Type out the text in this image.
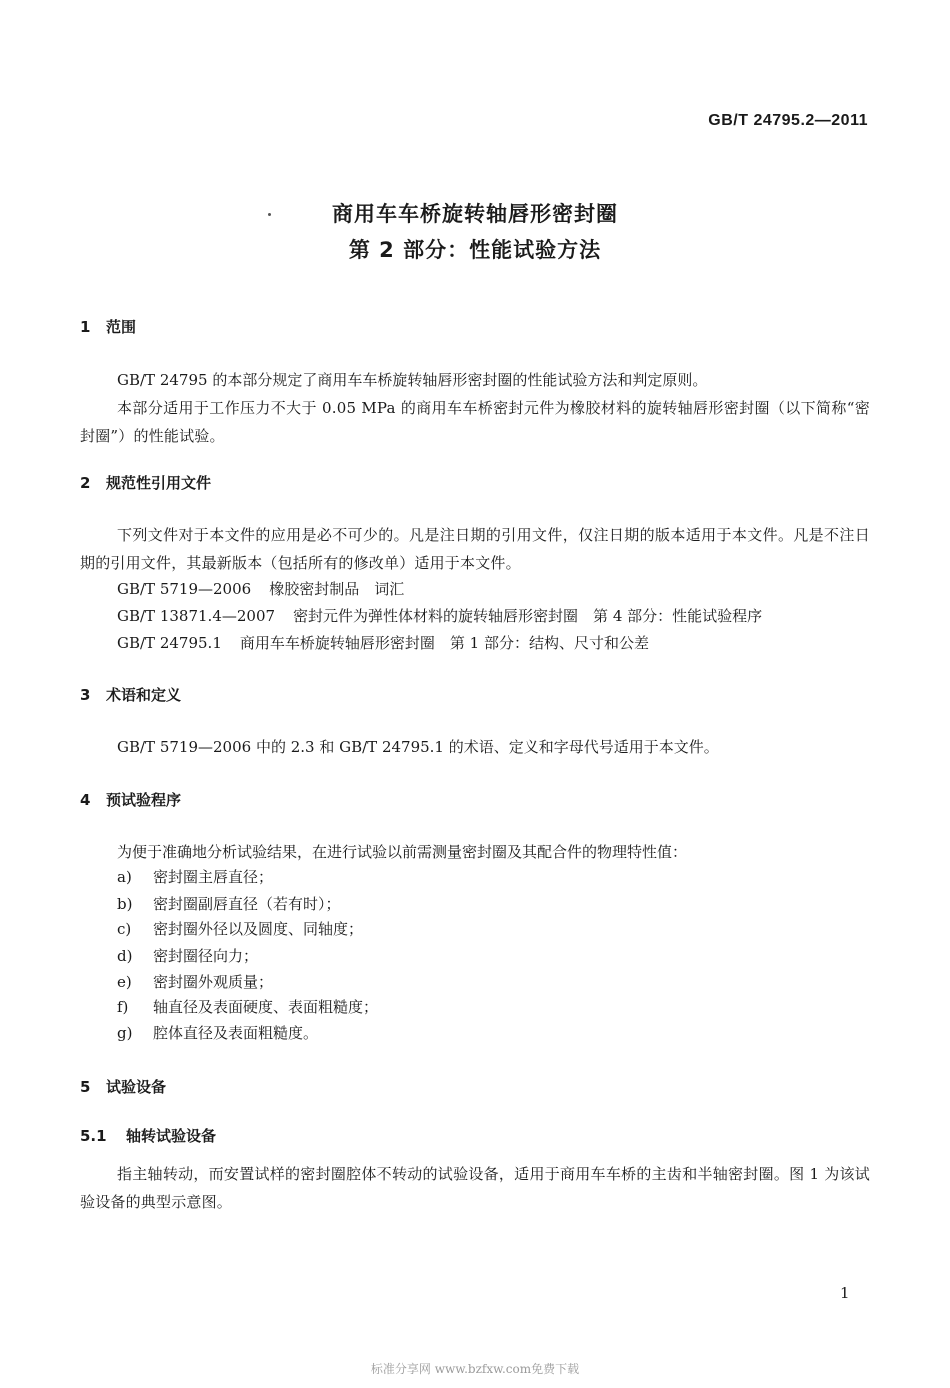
GB/T 24795.2—2011
商用车车桥旋转轴唇形密封圈
第 2 部分：性能试验方法
1 范围
GB/T 24795 的本部分规定了商用车车桥旋转轴唇形密封圈的性能试验方法和判定原则。
本部分适用于工作压力不大于 0.05 MPa 的商用车车桥密封元件为橡胶材料的旋转轴唇形密封圈（以下简称“密封圈”）的性能试验。
2 规范性引用文件
下列文件对于本文件的应用是必不可少的。凡是注日期的引用文件，仅注日期的版本适用于本文件。凡是不注日期的引用文件，其最新版本（包括所有的修改单）适用于本文件。
GB/T 5719—2006 橡胶密封制品　词汇
GB/T 13871.4—2007 密封元件为弹性体材料的旋转轴唇形密封圈　第 4 部分：性能试验程序
GB/T 24795.1 商用车车桥旋转轴唇形密封圈　第 1 部分：结构、尺寸和公差
3 术语和定义
GB/T 5719—2006 中的 2.3 和 GB/T 24795.1 的术语、定义和字母代号适用于本文件。
4 预试验程序
为便于准确地分析试验结果，在进行试验以前需测量密封圈及其配合件的物理特性值：
a) 密封圈主唇直径；
b) 密封圈副唇直径（若有时）；
c) 密封圈外径以及圆度、同轴度；
d) 密封圈径向力；
e) 密封圈外观质量；
f) 轴直径及表面硬度、表面粗糙度；
g) 腔体直径及表面粗糙度。
5 试验设备
5.1 轴转试验设备
指主轴转动，而安置试样的密封圈腔体不转动的试验设备，适用于商用车车桥的主齿和半轴密封圈。图 1 为该试验设备的典型示意图。
1
标准分享网 www.bzfxw.com免费下载
